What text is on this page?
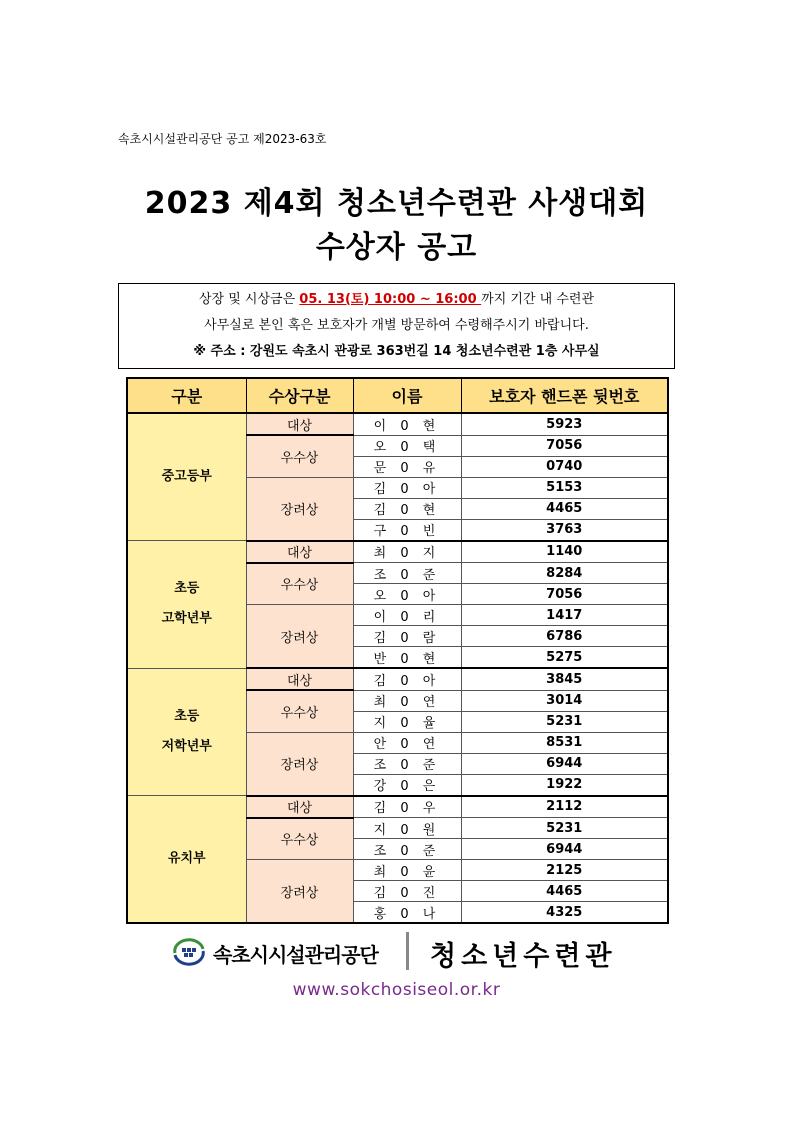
속초시시설관리공단 공고 제2023-63호
2023 제4회 청소년수련관 사생대회
수상자 공고
상장 및 시상금은 05. 13(토) 10:00 ~ 16:00 까지 기간 내 수련관
사무실로 본인 혹은 보호자가 개별 방문하여 수령해주시기 바랍니다.
※ 주소 : 강원도 속초시 관광로 363번길 14 청소년수련관 1층 사무실
구분	수상구분	이름	보호자 핸드폰 뒷번호
중고등부	대상	이 0 현	5923
	우수상	오 0 택	7056
		문 0 유	0740
	장려상	김 0 아	5153
		김 0 현	4465
		구 0 빈	3763
초등
고학년부	대상	최 0 지	1140
	우수상	조 0 준	8284
		오 0 아	7056
	장려상	이 0 리	1417
		김 0 람	6786
		반 0 현	5275
초등
저학년부	대상	김 0 아	3845
	우수상	최 0 연	3014
		지 0 율	5231
	장려상	안 0 연	8531
		조 0 준	6944
		강 0 은	1922
유치부	대상	김 0 우	2112
	우수상	지 0 원	5231
		조 0 준	6944
	장려상	최 0 윤	2125
		김 0 진	4465
		홍 0 나	4325
속초시시설관리공단 청소년수련관
www.sokchosiseol.or.kr
